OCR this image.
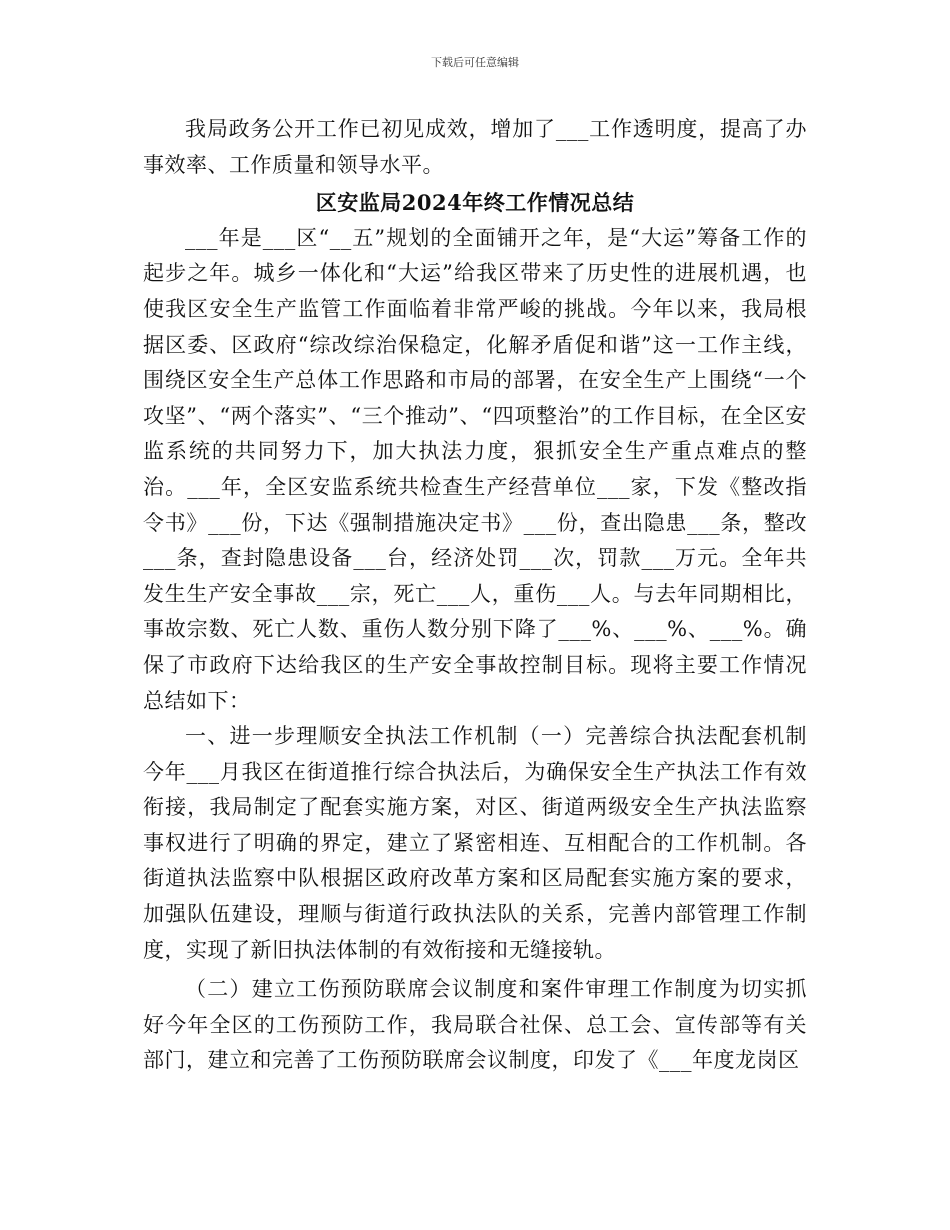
下载后可任意编辑

我局政务公开工作已初见成效，增加了___工作透明度，提高了办事效率、工作质量和领导水平。

区安监局2024年终工作情况总结

___年是___区“__五”规划的全面铺开之年，是“大运”筹备工作的起步之年。城乡一体化和“大运”给我区带来了历史性的进展机遇，也使我区安全生产监管工作面临着非常严峻的挑战。今年以来，我局根据区委、区政府“综改综治保稳定，化解矛盾促和谐”这一工作主线，围绕区安全生产总体工作思路和市局的部署，在安全生产上围绕“一个攻坚”、“两个落实”、“三个推动”、“四项整治”的工作目标，在全区安监系统的共同努力下，加大执法力度，狠抓安全生产重点难点的整治。___年，全区安监系统共检查生产经营单位___家，下发《整改指令书》___份，下达《强制措施决定书》___份，查出隐患___条，整改___条，查封隐患设备___台，经济处罚___次，罚款___万元。全年共发生生产安全事故___宗，死亡___人，重伤___人。与去年同期相比，事故宗数、死亡人数、重伤人数分别下降了___%、___%、___%。确保了市政府下达给我区的生产安全事故控制目标。现将主要工作情况总结如下：

一、进一步理顺安全执法工作机制（一）完善综合执法配套机制今年___月我区在街道推行综合执法后，为确保安全生产执法工作有效衔接，我局制定了配套实施方案，对区、街道两级安全生产执法监察事权进行了明确的界定，建立了紧密相连、互相配合的工作机制。各街道执法监察中队根据区政府改革方案和区局配套实施方案的要求，加强队伍建设，理顺与街道行政执法队的关系，完善内部管理工作制度，实现了新旧执法体制的有效衔接和无缝接轨。

（二）建立工伤预防联席会议制度和案件审理工作制度为切实抓好今年全区的工伤预防工作，我局联合社保、总工会、宣传部等有关部门，建立和完善了工伤预防联席会议制度，印发了《___年度龙岗区
